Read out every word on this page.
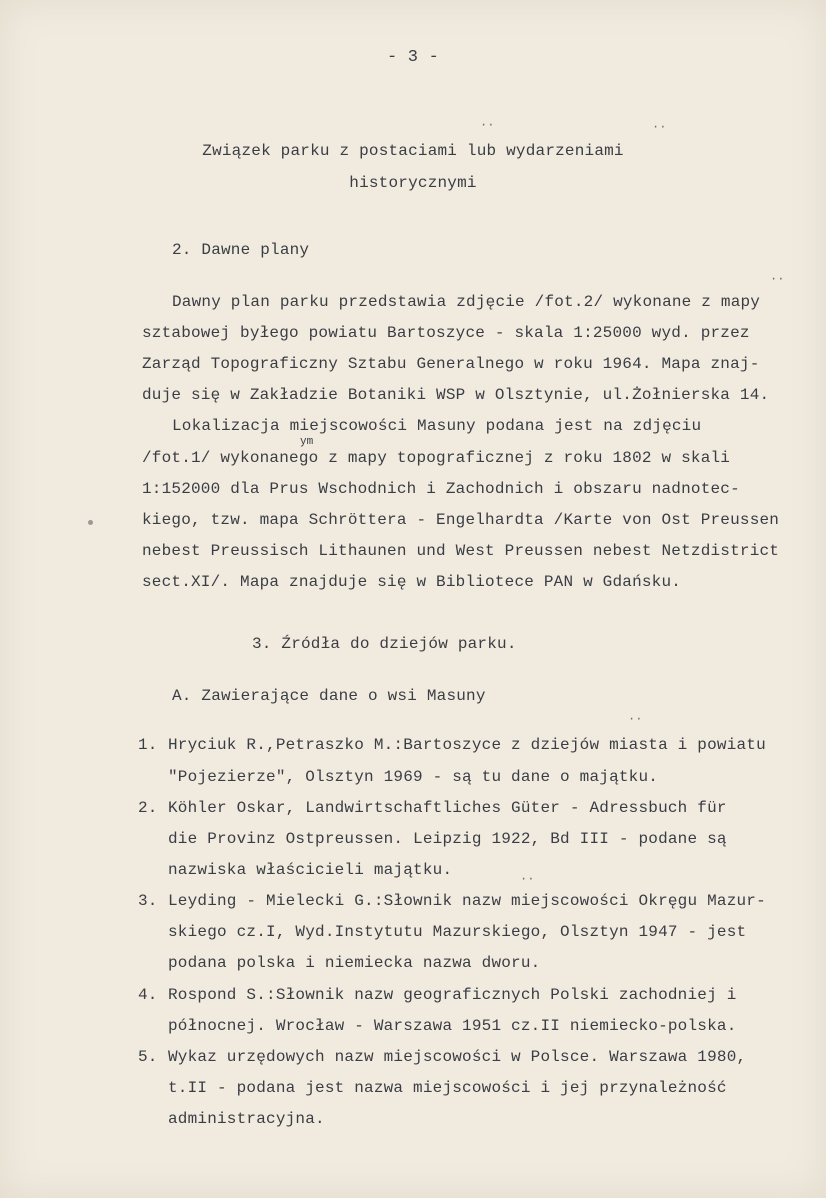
- 3 -
Związek parku z postaciami lub wydarzeniami
historycznymi
2. Dawne plany
Dawny plan parku przedstawia zdjęcie /fot.2/ wykonane z mapy
sztabowej byłego powiatu Bartoszyce - skala 1:25000 wyd. przez
Zarząd Topograficzny Sztabu Generalnego w roku 1964. Mapa znaj-
duje się w Zakładzie Botaniki WSP w Olsztynie, ul.Żołnierska 14.
Lokalizacja miejscowości Masuny podana jest na zdjęciu
ym
/fot.1/ wykonanego z mapy topograficznej z roku 1802 w skali
1:152000 dla Prus Wschodnich i Zachodnich i obszaru nadnotec-
kiego, tzw. mapa Schröttera - Engelhardta /Karte von Ost Preussen
nebest Preussisch Lithaunen und West Preussen nebest Netzdistrict
sect.XI/. Mapa znajduje się w Bibliotece PAN w Gdańsku.
3. Źródła do dziejów parku.
A. Zawierające dane o wsi Masuny
1. Hryciuk R.,Petraszko M.:Bartoszyce z dziejów miasta i powiatu
"Pojezierze", Olsztyn 1969 - są tu dane o majątku.
2. Köhler Oskar, Landwirtschaftliches Güter - Adressbuch für
die Provinz Ostpreussen. Leipzig 1922, Bd III - podane są
nazwiska właścicieli majątku.
3. Leyding - Mielecki G.:Słownik nazw miejscowości Okręgu Mazur-
skiego cz.I, Wyd.Instytutu Mazurskiego, Olsztyn 1947 - jest
podana polska i niemiecka nazwa dworu.
4. Rospond S.:Słownik nazw geograficznych Polski zachodniej i
północnej. Wrocław - Warszawa 1951 cz.II niemiecko-polska.
5. Wykaz urzędowych nazw miejscowości w Polsce. Warszawa 1980,
t.II - podana jest nazwa miejscowości i jej przynależność
administracyjna.
··	··
··
··
··
